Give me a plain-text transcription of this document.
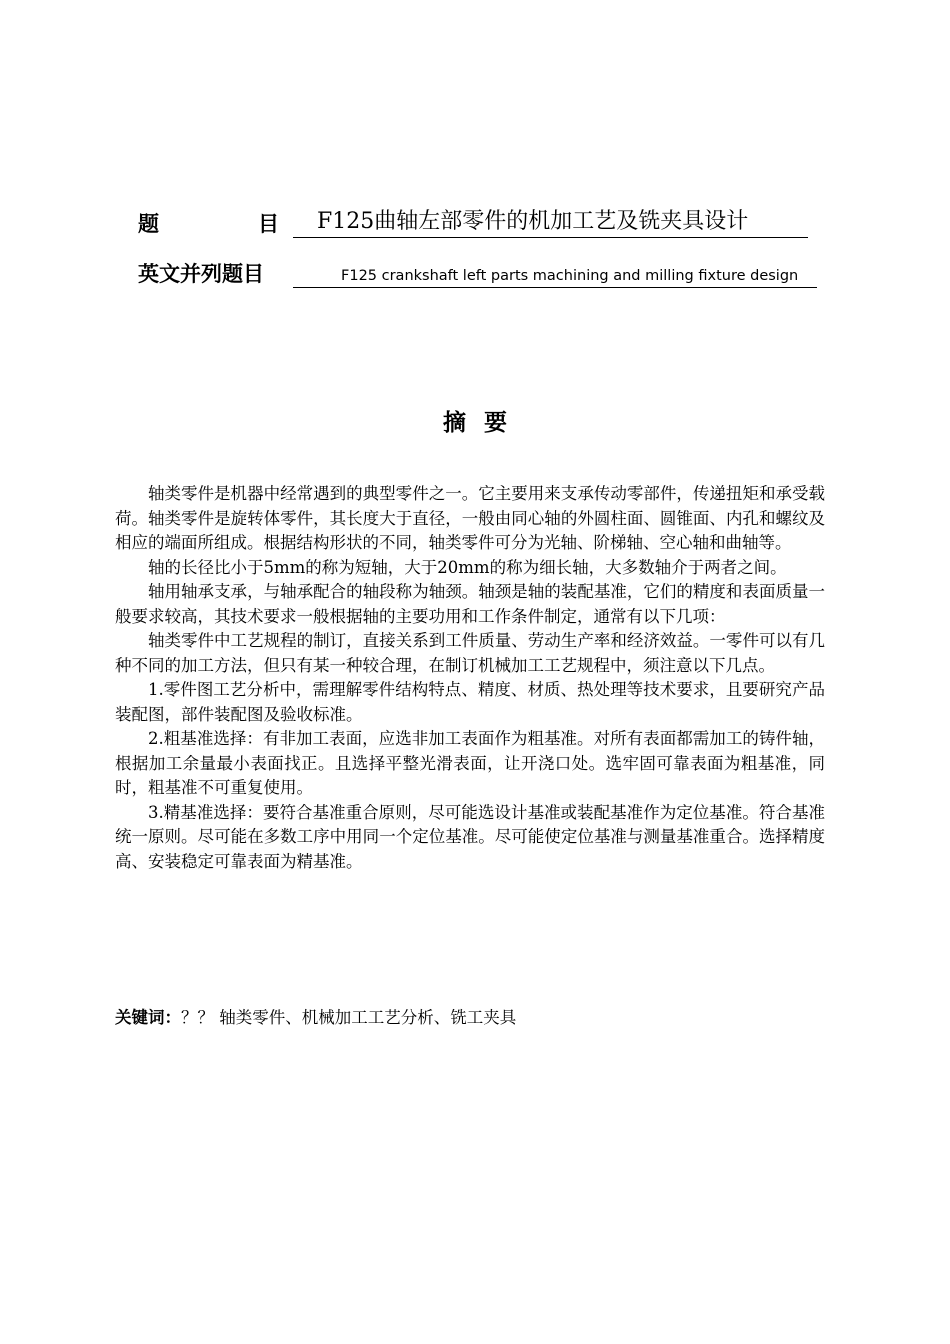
题	目	F125曲轴左部零件的机加工艺及铣夹具设计
英文并列题目	F125 crankshaft left parts machining and milling fixture design
摘要

轴类零件是机器中经常遇到的典型零件之一。它主要用来支承传动零部件，传递扭矩和承受载荷。轴类零件是旋转体零件，其长度大于直径，一般由同心轴的外圆柱面、圆锥面、内孔和螺纹及相应的端面所组成。根据结构形状的不同，轴类零件可分为光轴、阶梯轴、空心轴和曲轴等。

轴的长径比小于5mm的称为短轴，大于20mm的称为细长轴，大多数轴介于两者之间。

轴用轴承支承，与轴承配合的轴段称为轴颈。轴颈是轴的装配基准，它们的精度和表面质量一般要求较高，其技术要求一般根据轴的主要功用和工作条件制定，通常有以下几项：

轴类零件中工艺规程的制订，直接关系到工件质量、劳动生产率和经济效益。一零件可以有几种不同的加工方法，但只有某一种较合理，在制订机械加工工艺规程中，须注意以下几点。

1.零件图工艺分析中，需理解零件结构特点、精度、材质、热处理等技术要求，且要研究产品装配图，部件装配图及验收标准。

2.粗基准选择：有非加工表面，应选非加工表面作为粗基准。对所有表面都需加工的铸件轴，根据加工余量最小表面找正。且选择平整光滑表面，让开浇口处。选牢固可靠表面为粗基准，同时，粗基准不可重复使用。

3.精基准选择：要符合基准重合原则，尽可能选设计基准或装配基准作为定位基准。符合基准统一原则。尽可能在多数工序中用同一个定位基准。尽可能使定位基准与测量基准重合。选择精度高、安装稳定可靠表面为精基准。

关键词：？？ 轴类零件、机械加工工艺分析、铣工夹具
